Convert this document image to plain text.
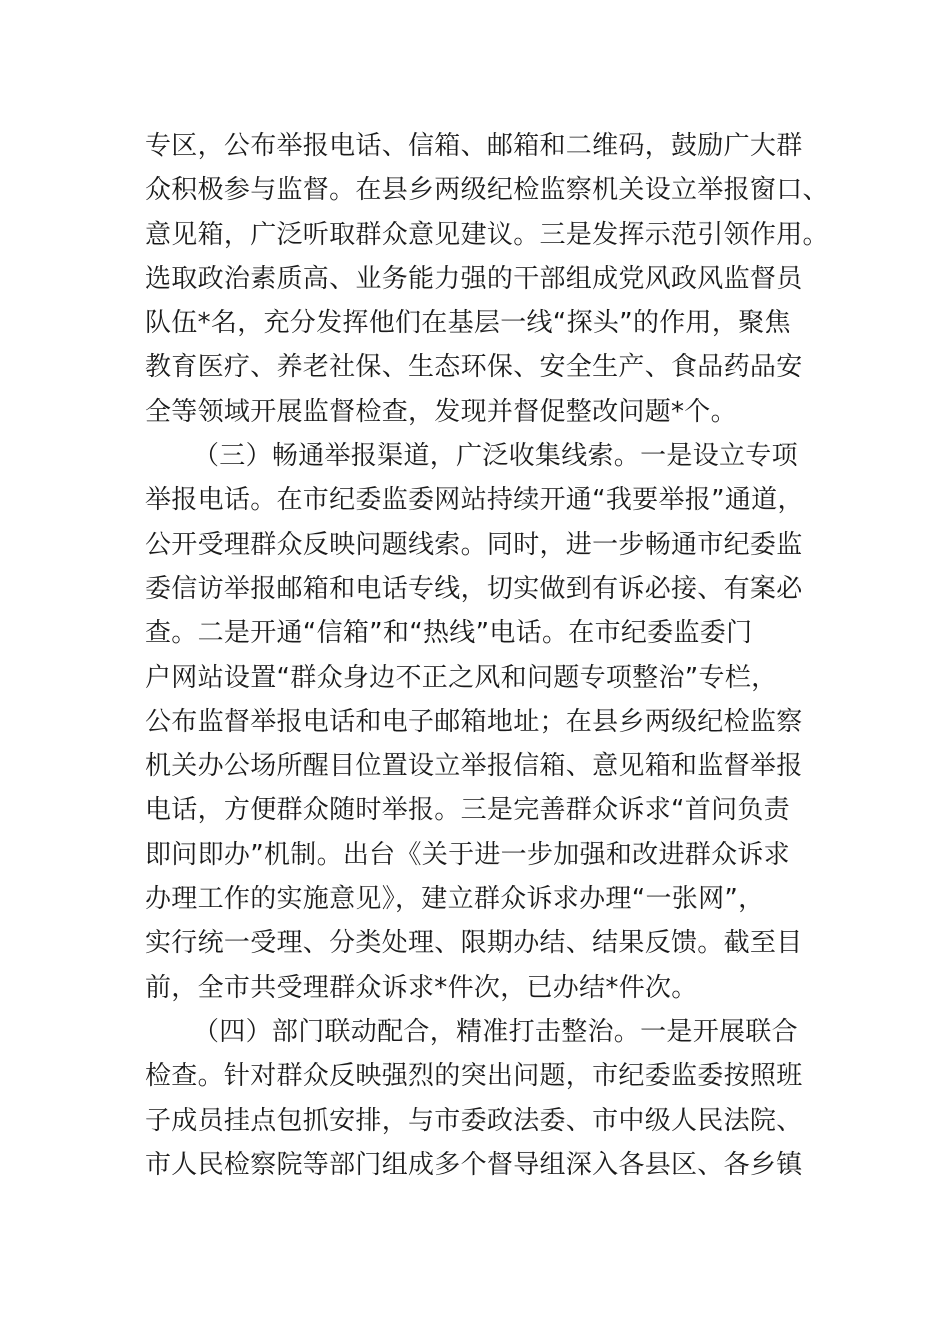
专区，公布举报电话、信箱、邮箱和二维码，鼓励广大群
众积极参与监督。在县乡两级纪检监察机关设立举报窗口、
意见箱，广泛听取群众意见建议。三是发挥示范引领作用。
选取政治素质高、业务能力强的干部组成党风政风监督员
队伍*名，充分发挥他们在基层一线“探头”的作用，聚焦
教育医疗、养老社保、生态环保、安全生产、食品药品安
全等领域开展监督检查，发现并督促整改问题*个。
（三）畅通举报渠道，广泛收集线索。一是设立专项
举报电话。在市纪委监委网站持续开通“我要举报”通道，
公开受理群众反映问题线索。同时，进一步畅通市纪委监
委信访举报邮箱和电话专线，切实做到有诉必接、有案必
查。二是开通“信箱”和“热线”电话。在市纪委监委门
户网站设置“群众身边不正之风和问题专项整治”专栏，
公布监督举报电话和电子邮箱地址；在县乡两级纪检监察
机关办公场所醒目位置设立举报信箱、意见箱和监督举报
电话，方便群众随时举报。三是完善群众诉求“首问负责
即问即办”机制。出台《关于进一步加强和改进群众诉求
办理工作的实施意见》，建立群众诉求办理“一张网”，
实行统一受理、分类处理、限期办结、结果反馈。截至目
前，全市共受理群众诉求*件次，已办结*件次。
（四）部门联动配合，精准打击整治。一是开展联合
检查。针对群众反映强烈的突出问题，市纪委监委按照班
子成员挂点包抓安排，与市委政法委、市中级人民法院、
市人民检察院等部门组成多个督导组深入各县区、各乡镇
